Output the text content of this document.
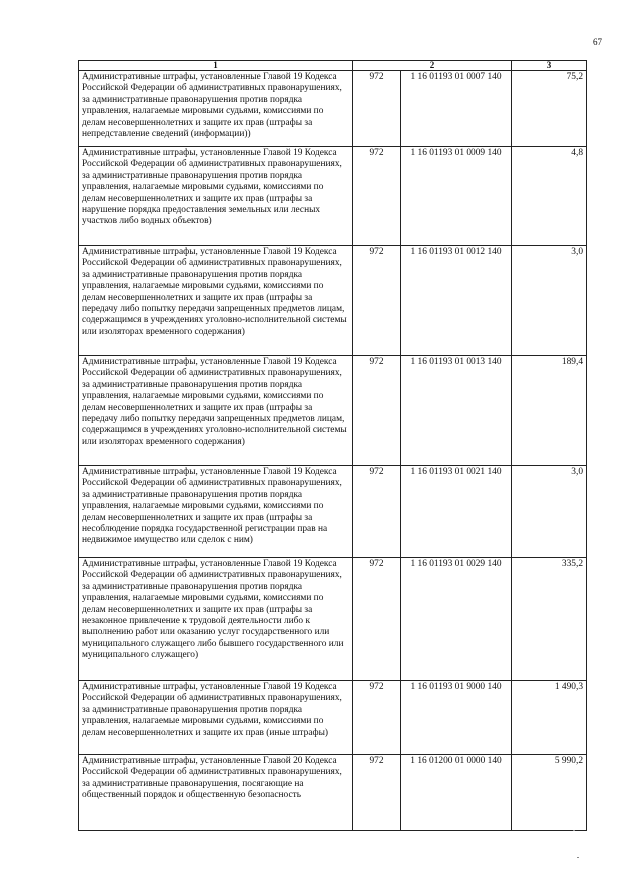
67
1	2		3
Административные штрафы, установленные Главой 19 Кодекса Российской Федерации об административных правонарушениях, за административные правонарушения против порядка управления, налагаемые мировыми судьями, комиссиями по делам несовершеннолетних и защите их прав (штрафы за непредставление сведений (информации))	972	1 16 01193 01 0007 140	75,2
Административные штрафы, установленные Главой 19 Кодекса Российской Федерации об административных правонарушениях, за административные правонарушения против порядка управления, налагаемые мировыми судьями, комиссиями по делам несовершеннолетних и защите их прав (штрафы за нарушение порядка предоставления земельных или лесных участков либо водных объектов)	972	1 16 01193 01 0009 140	4,8
Административные штрафы, установленные Главой 19 Кодекса Российской Федерации об административных правонарушениях, за административные правонарушения против порядка управления, налагаемые мировыми судьями, комиссиями по делам несовершеннолетних и защите их прав (штрафы за передачу либо попытку передачи запрещенных предметов лицам, содержащимся в учреждениях уголовно-исполнительной системы или изоляторах временного содержания)	972	1 16 01193 01 0012 140	3,0
Административные штрафы, установленные Главой 19 Кодекса Российской Федерации об административных правонарушениях, за административные правонарушения против порядка управления, налагаемые мировыми судьями, комиссиями по делам несовершеннолетних и защите их прав (штрафы за передачу либо попытку передачи запрещенных предметов лицам, содержащимся в учреждениях уголовно-исполнительной системы или изоляторах временного содержания)	972	1 16 01193 01 0013 140	189,4
Административные штрафы, установленные Главой 19 Кодекса Российской Федерации об административных правонарушениях, за административные правонарушения против порядка управления, налагаемые мировыми судьями, комиссиями по делам несовершеннолетних и защите их прав (штрафы за несоблюдение порядка государственной регистрации прав на недвижимое имущество или сделок с ним)	972	1 16 01193 01 0021 140	3,0
Административные штрафы, установленные Главой 19 Кодекса Российской Федерации об административных правонарушениях, за административные правонарушения против порядка управления, налагаемые мировыми судьями, комиссиями по делам несовершеннолетних и защите их прав (штрафы за незаконное привлечение к трудовой деятельности либо к выполнению работ или оказанию услуг государственного или муниципального служащего либо бывшего государственного или муниципального служащего)	972	1 16 01193 01 0029 140	335,2
Административные штрафы, установленные Главой 19 Кодекса Российской Федерации об административных правонарушениях, за административные правонарушения против порядка управления, налагаемые мировыми судьями, комиссиями по делам несовершеннолетних и защите их прав (иные штрафы)	972	1 16 01193 01 9000 140	1 490,3
Административные штрафы, установленные Главой 20 Кодекса Российской Федерации об административных правонарушениях, за административные правонарушения, посягающие на общественный порядок и общественную безопасность	972	1 16 01200 01 0000 140	5 990,2
